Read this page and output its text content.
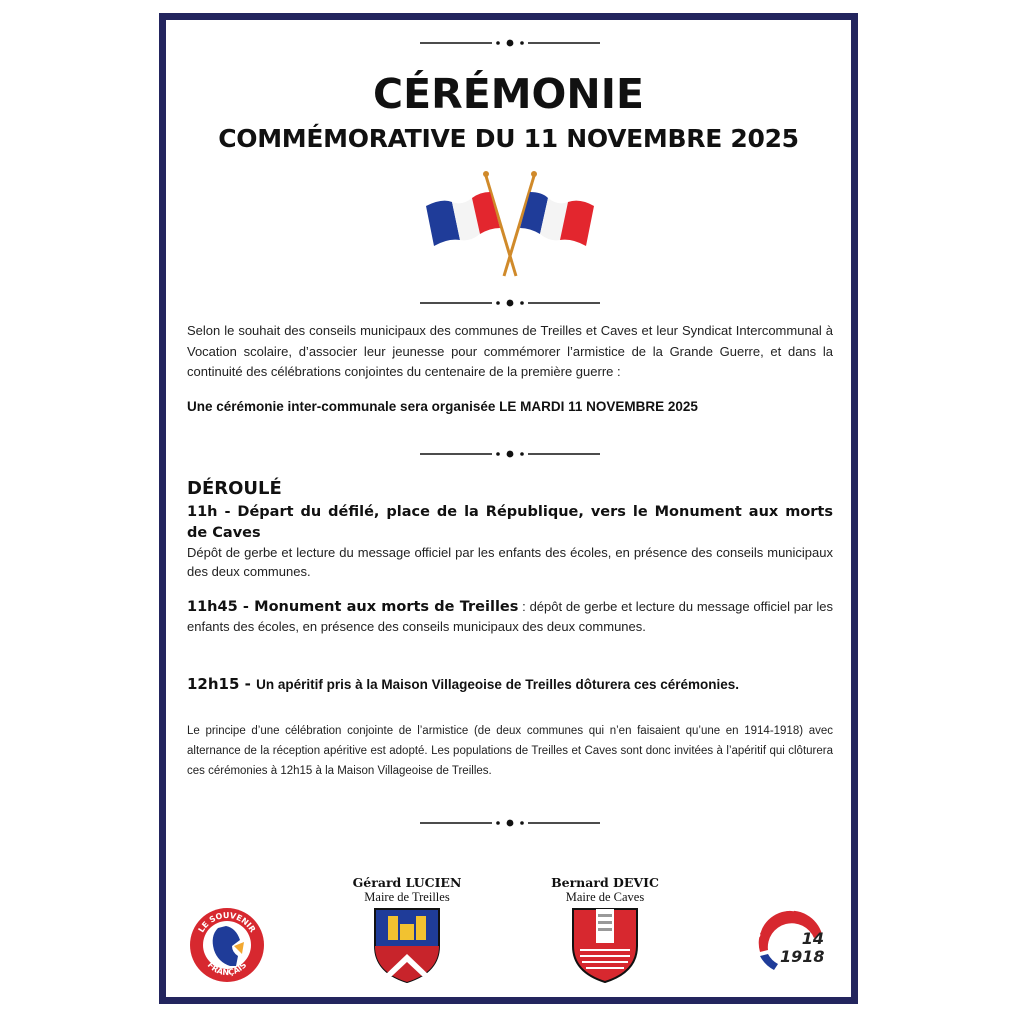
CÉRÉMONIE
COMMÉMORATIVE DU 11 NOVEMBRE 2025
Selon le souhait des conseils municipaux des communes de Treilles et Caves et leur Syndicat Intercommunal à Vocation scolaire, d’associer leur jeunesse pour commémorer l’armistice de la Grande Guerre, et dans la continuité des célébrations conjointes du centenaire de la première guerre :
Une cérémonie inter-communale sera organisée LE MARDI 11 NOVEMBRE 2025
DÉROULÉ
11h - Départ du défilé, place de la République, vers le Monument aux morts de Caves
Dépôt de gerbe et lecture du message officiel par les enfants des écoles, en présence des conseils municipaux des deux communes.
11h45 - Monument aux morts de Treilles : dépôt de gerbe et lecture du message officiel par les enfants des écoles, en présence des conseils municipaux des deux communes.
12h15 - Un apéritif pris à la Maison Villageoise de Treilles dôturera ces cérémonies.
Le principe d’une célébration conjointe de l’armistice (de deux communes qui n’en faisaient qu’une en 1914-1918) avec alternance de la réception apéritive est adopté. Les populations de Treilles et Caves sont donc invitées à l’apéritif qui clôturera ces cérémonies à 12h15 à la Maison Villageoise de Treilles.
Gérard LUCIEN
Maire de Treilles
Bernard DEVIC
Maire de Caves
LE SOUVENIR
FRANÇAIS
CENTENAIRE
14 1918
